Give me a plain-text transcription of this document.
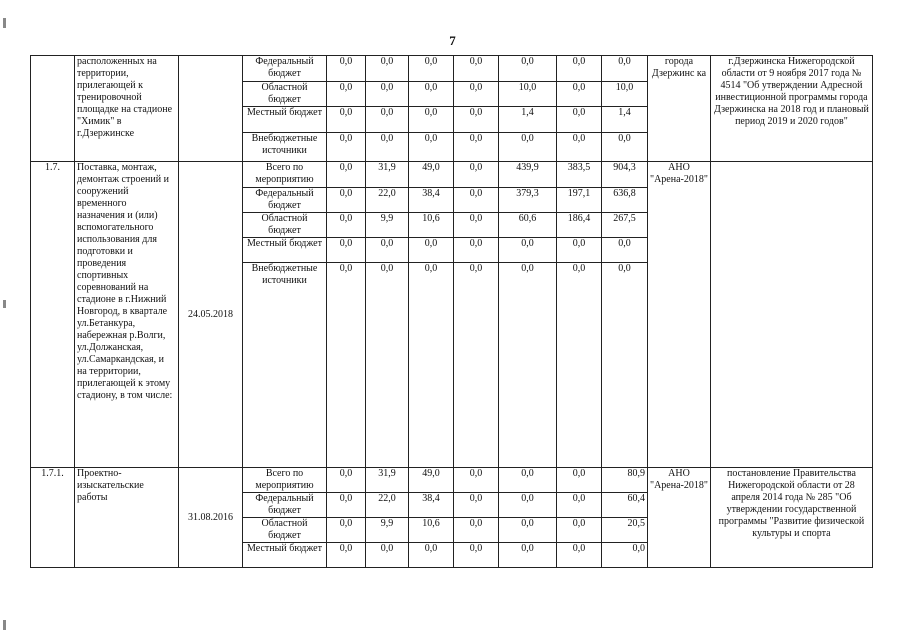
7
	расположенных на территории, прилегающей к тренировочной площадке на стадионе "Химик" в г.Дзержинске		Федеральный бюджет	0,0	0,0	0,0	0,0	0,0	0,0	0,0	города Дзержинс ка	г.Дзержинска Нижегородской области от 9 ноября 2017 года № 4514 "Об утверждении Адресной инвестиционной программы города Дзержинска на 2018 год и плановый период 2019 и 2020 годов"
			Областной бюджет	0,0	0,0	0,0	0,0	10,0	0,0	10,0		
			Местный бюджет	0,0	0,0	0,0	0,0	1,4	0,0	1,4		
			Внебюджетные источники	0,0	0,0	0,0	0,0	0,0	0,0	0,0		
1.7.	Поставка, монтаж, демонтаж строений и сооружений временного назначения и (или) вспомогательного использования для подготовки и проведения спортивных соревнований на стадионе в г.Нижний Новгород, в квартале ул.Бетанкура, набережная р.Волги, ул.Должанская, ул.Самаркандская, и на территории, прилегающей к этому стадиону, в том числе:	24.05.2018	Всего по мероприятию	0,0	31,9	49,0	0,0	439,9	383,5	904,3	АНО "Арена-2018"	
			Федеральный бюджет	0,0	22,0	38,4	0,0	379,3	197,1	636,8		
			Областной бюджет	0,0	9,9	10,6	0,0	60,6	186,4	267,5		
			Местный бюджет	0,0	0,0	0,0	0,0	0,0	0,0	0,0		
			Внебюджетные источники	0,0	0,0	0,0	0,0	0,0	0,0	0,0		
1.7.1.	Проектно-изыскательские работы	31.08.2016	Всего по мероприятию	0,0	31,9	49,0	0,0	0,0	0,0	80,9	АНО "Арена-2018"	постановление Правительства Нижегородской области от 28 апреля 2014 года № 285 "Об утверждении государственной программы "Развитие физической культуры и спорта
			Федеральный бюджет	0,0	22,0	38,4	0,0	0,0	0,0	60,4		
			Областной бюджет	0,0	9,9	10,6	0,0	0,0	0,0	20,5		
			Местный бюджет	0,0	0,0	0,0	0,0	0,0	0,0	0,0		
